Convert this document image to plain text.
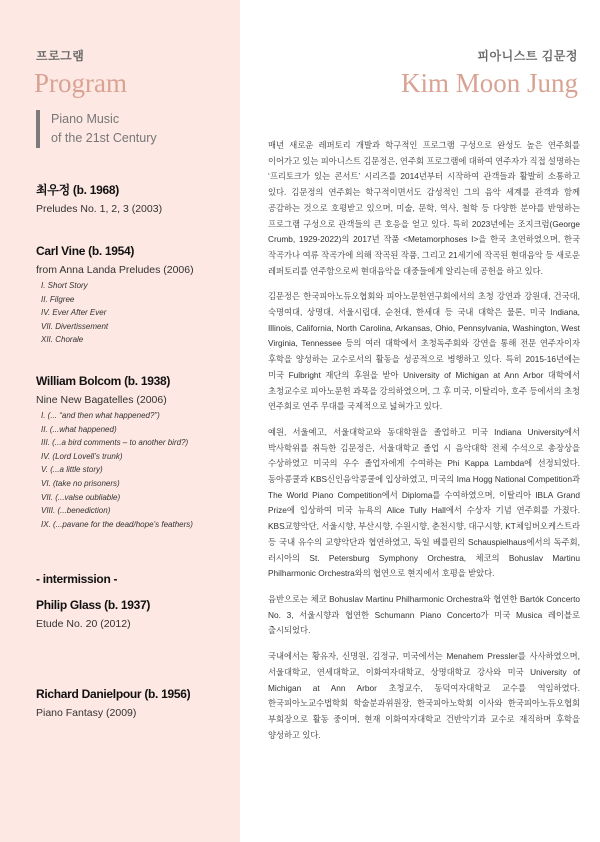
프로그램
Program
Piano Music
of the 21st Century
최우정 (b. 1968)
Preludes No. 1, 2, 3 (2003)
Carl Vine (b. 1954)
from Anna Landa Preludes (2006)
I. Short Story
II. Filgree
IV. Ever After Ever
VII. Divertissement
XII. Chorale
William Bolcom (b. 1938)
Nine New Bagatelles (2006)
I. (... “and then what happened?”)
II. (...what happened)
III. (...a bird comments – to another bird?)
IV. (Lord Lovell’s trunk)
V. (...a little story)
VI. (take no prisoners)
VII. (...valse oubliable)
VIII. (...benediction)
IX. (...pavane for the dead/hope’s feathers)
Philip Glass (b. 1937)
Etude No. 20 (2012)
Richard Danielpour (b. 1956)
Piano Fantasy (2009)
- intermission -
피아니스트 김문정
Kim Moon Jung

매년 새로운 레퍼토리 개발과 학구적인 프로그램 구성으로 완성도 높은 연주회를 이어가고 있는 피아니스트 김문정은, 연주회 프로그램에 대하여 연주자가 직접 설명하는 ‘프리토크가 있는 콘서트’ 시리즈를 2014년부터 시작하여 관객들과 활발히 소통하고 있다. 김문정의 연주회는 학구적이면서도 감성적인 그의 음악 세계를 관객과 함께 공감하는 것으로 호평받고 있으며, 미술, 문학, 역사, 철학 등 다양한 분야를 반영하는 프로그램 구성으로 관객들의 큰 호응을 얻고 있다. 특히 2023년에는 조지크럼(George Crumb, 1929-2022)의 2017년 작품 <Metamorphoses I>을 한국 초연하였으며, 한국 작곡가나 여류 작곡가에 의해 작곡된 작품, 그리고 21세기에 작곡된 현대음악 등 새로운 레퍼토리를 연주함으로써 현대음악을 대중들에게 알리는데 공헌을 하고 있다.

김문정은 한국피아노듀오협회와 피아노문헌연구회에서의 초청 강연과 강원대, 건국대, 숙명여대, 상명대, 서울시립대, 순천대, 한세대 등 국내 대학은 물론, 미국 Indiana, Illinois, California, North Carolina, Arkansas, Ohio, Pennsylvania, Washington, West Virginia, Tennessee 등의 여러 대학에서 초청독주회와 강연을 통해 전문 연주자이자 후학을 양성하는 교수로서의 활동을 성공적으로 병행하고 있다. 특히 2015-16년에는 미국 Fulbright 재단의 후원을 받아 University of Michigan at Ann Arbor 대학에서 초청교수로 피아노문헌 과목을 강의하였으며, 그 후 미국, 이탈리아, 호주 등에서의 초청 연주회로 연주 무대를 국제적으로 넓혀가고 있다.

예원, 서울예고, 서울대학교와 동대학원을 졸업하고 미국 Indiana University에서 박사학위를 취득한 김문정은, 서울대학교 졸업 시 음악대학 전체 수석으로 총장상을 수상하였고 미국의 우수 졸업자에게 수여하는 Phi Kappa Lambda에 선정되었다. 동아콩쿨과 KBS신인음악콩쿨에 입상하였고, 미국의 Ima Hogg National Competition과 The World Piano Competition에서 Diploma를 수여하였으며, 이탈리아 IBLA Grand Prize에 입상하여 미국 뉴욕의 Alice Tully Hall에서 수상자 기념 연주회를 가졌다. KBS교향악단, 서울시향, 부산시향, 수원시향, 춘천시향, 대구시향, KT체임버오케스트라 등 국내 유수의 교향악단과 협연하였고, 독일 베를린의 Schauspielhaus에서의 독주회, 러시아의 St. Petersburg Symphony Orchestra, 체코의 Bohuslav Martinu Philharmonic Orchestra와의 협연으로 현지에서 호평을 받았다.

음반으로는 체코 Bohuslav Martinu Philharmonic Orchestra와 협연한 Bartók Concerto No. 3, 서울시향과 협연한 Schumann Piano Concerto가 미국 Musica 레이블로 출시되었다.

국내에서는 황유자, 신명원, 김정규, 미국에서는 Menahem Pressler를 사사하였으며, 서울대학교, 연세대학교, 이화여자대학교, 상명대학교 강사와 미국 University of Michigan at Ann Arbor 초청교수, 동덕여자대학교 교수를 역임하였다. 한국피아노교수법학회 학술분과위원장, 한국피아노학회 이사와 한국피아노듀오협회 부회장으로 활동 중이며, 현재 이화여자대학교 건반악기과 교수로 재직하며 후학을 양성하고 있다.
